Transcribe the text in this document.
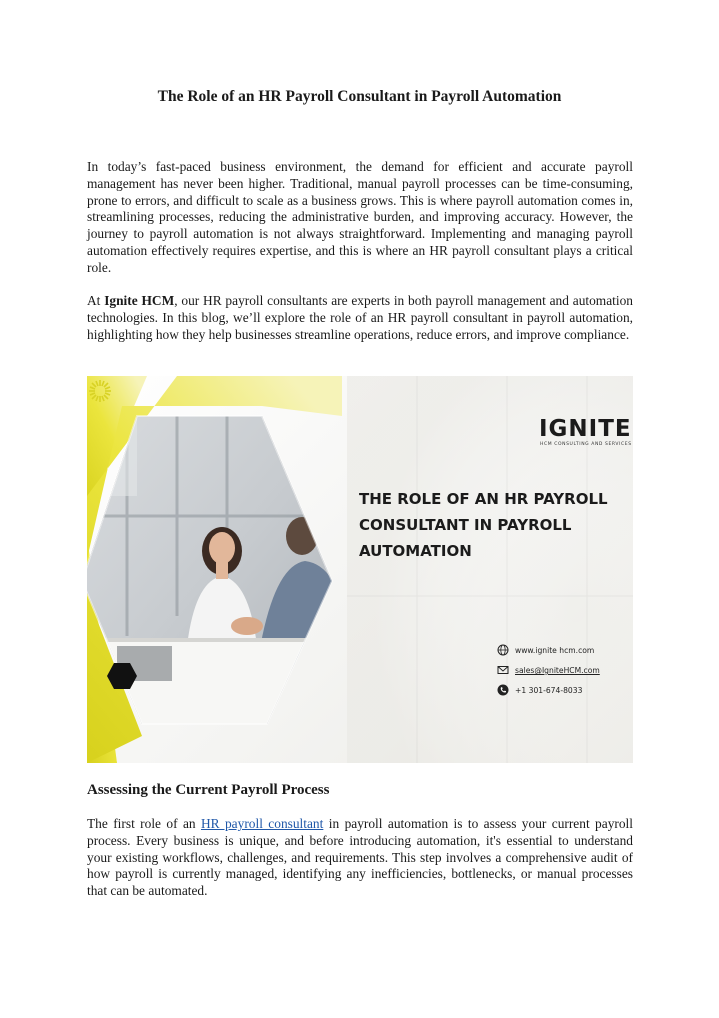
The Role of an HR Payroll Consultant in Payroll Automation

In today’s fast-paced business environment, the demand for efficient and accurate payroll management has never been higher. Traditional, manual payroll processes can be time-consuming, prone to errors, and difficult to scale as a business grows. This is where payroll automation comes in, streamlining processes, reducing the administrative burden, and improving accuracy. However, the journey to payroll automation is not always straightforward. Implementing and managing payroll automation effectively requires expertise, and this is where an HR payroll consultant plays a critical role.

At Ignite HCM, our HR payroll consultants are experts in both payroll management and automation technologies. In this blog, we’ll explore the role of an HR payroll consultant in payroll automation, highlighting how they help businesses streamline operations, reduce errors, and improve compliance.

IGNITE
HCM CONSULTING AND SERVICES
THE ROLE OF AN HR PAYROLL CONSULTANT IN PAYROLL AUTOMATION
www.ignite hcm.com
sales@IgniteHCM.com
+1 301-674-8033
Assessing the Current Payroll Process

The first role of an HR payroll consultant in payroll automation is to assess your current payroll process. Every business is unique, and before introducing automation, it's essential to understand your existing workflows, challenges, and requirements. This step involves a comprehensive audit of how payroll is currently managed, identifying any inefficiencies, bottlenecks, or manual processes that can be automated.
